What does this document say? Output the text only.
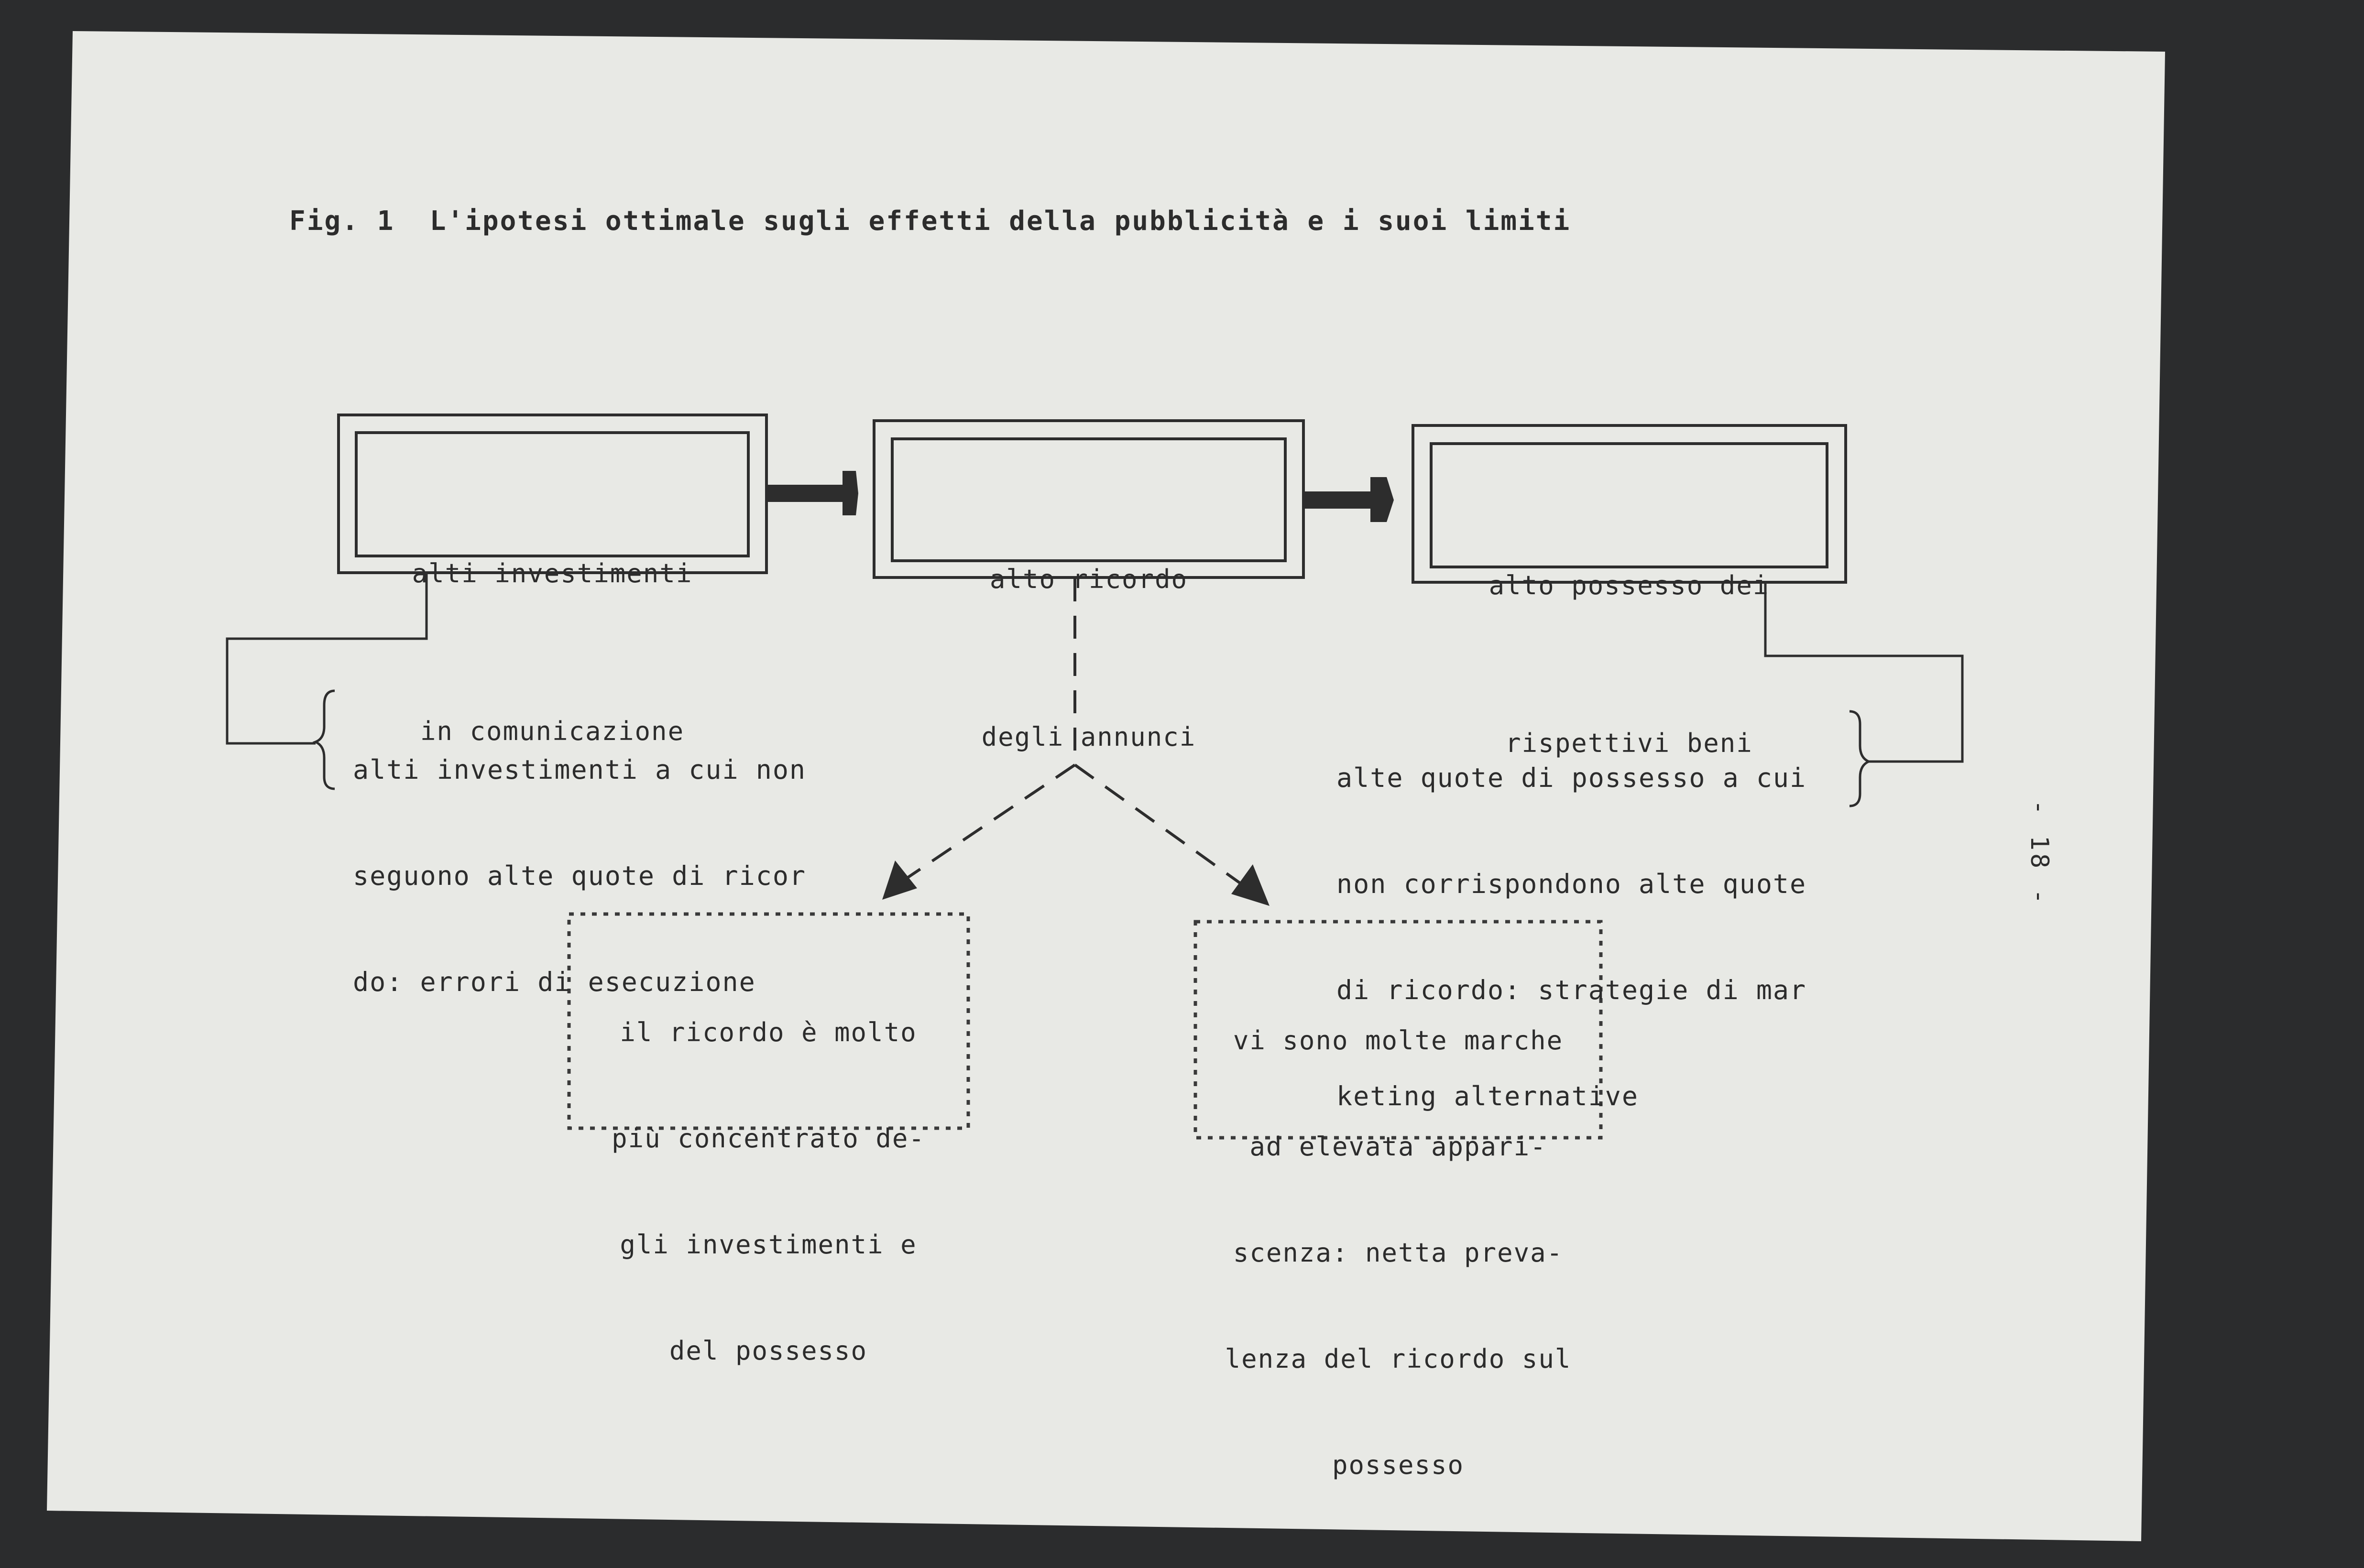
Fig. 1  L'ipotesi ottimale sugli effetti della pubblicità e i suoi limiti

alti investimenti

in comunicazione

alto ricordo

degli annunci

alto possesso dei

rispettivi beni

alti investimenti a cui non

seguono alte quote di ricor

do: errori di esecuzione

alte quote di possesso a cui

non corrispondono alte quote

di ricordo: strategie di mar

keting alternative

il ricordo è molto

più concentrato de-

gli investimenti e

del possesso

vi sono molte marche

ad elevata appari-

scenza: netta preva-

lenza del ricordo sul

possesso

- 18 -
